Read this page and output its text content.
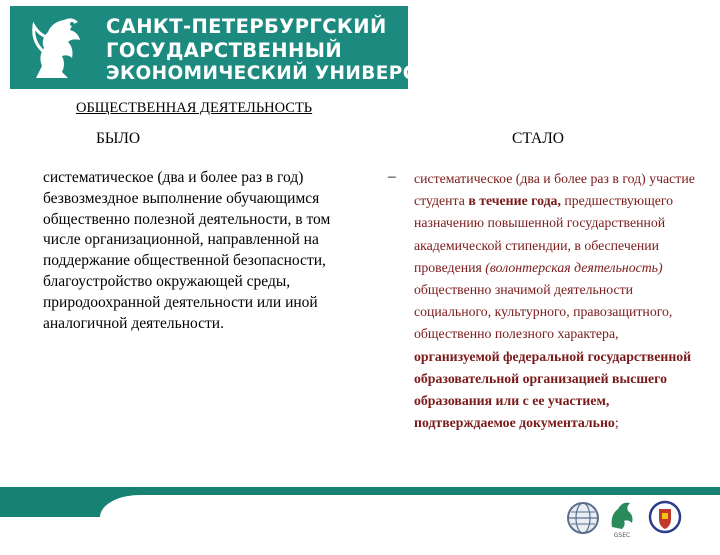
САНКТ-ПЕТЕРБУРГСКИЙ
ГОСУДАРСТВЕННЫЙ
ЭКОНОМИЧЕСКИЙ УНИВЕРСИТЕТ
ОБЩЕСТВЕННАЯ ДЕЯТЕЛЬНОСТЬ
БЫЛО	СТАЛО
систематическое (два и более раз в год) безвозмездное выполнение обучающимся общественно полезной деятельности, в том числе организационной, направленной на поддержание общественной безопасности, благоустройство окружающей среды, природоохранной деятельности или иной аналогичной деятельности.
– систематическое (два и более раз в год) участие студента в течение года, предшествующего назначению повышенной государственной академической стипендии, в обеспечении проведения (волонтерская деятельность) общественно значимой деятельности социального, культурного, правозащитного, общественно полезного характера, организуемой федеральной государственной образовательной организацией высшего образования или с ее участием, подтверждаемое документально;
GSEC
